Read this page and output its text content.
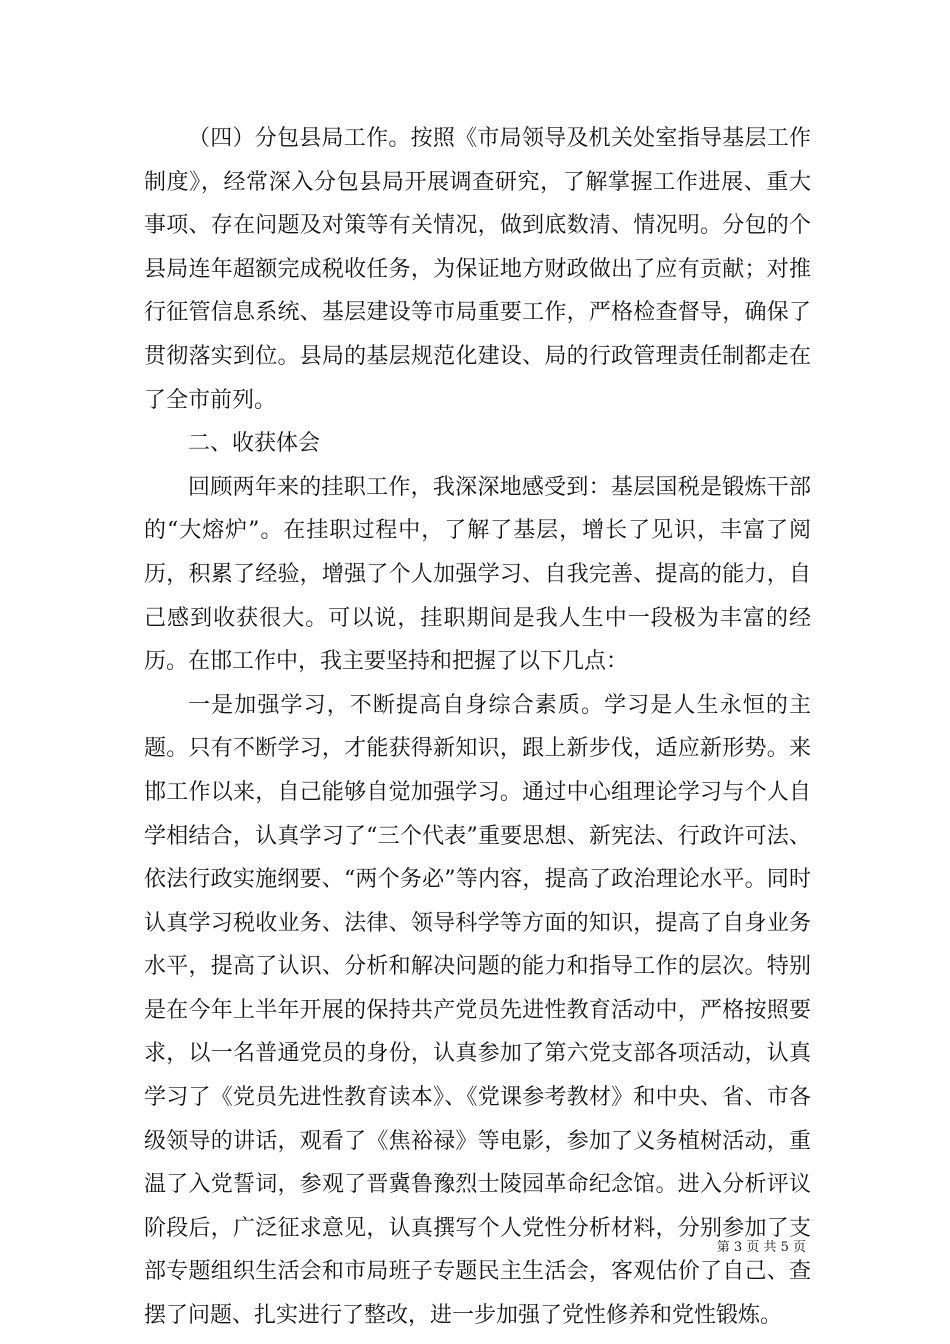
（四）分包县局工作。按照《市局领导及机关处室指导基层工作制度》，经常深入分包县局开展调查研究，了解掌握工作进展、重大事项、存在问题及对策等有关情况，做到底数清、情况明。分包的个县局连年超额完成税收任务，为保证地方财政做出了应有贡献；对推行征管信息系统、基层建设等市局重要工作，严格检查督导，确保了贯彻落实到位。县局的基层规范化建设、局的行政管理责任制都走在了全市前列。

二、收获体会

回顾两年来的挂职工作，我深深地感受到：基层国税是锻炼干部的“大熔炉”。在挂职过程中，了解了基层，增长了见识，丰富了阅历，积累了经验，增强了个人加强学习、自我完善、提高的能力，自己感到收获很大。可以说，挂职期间是我人生中一段极为丰富的经历。在邯工作中，我主要坚持和把握了以下几点：

一是加强学习，不断提高自身综合素质。学习是人生永恒的主题。只有不断学习，才能获得新知识，跟上新步伐，适应新形势。来邯工作以来，自己能够自觉加强学习。通过中心组理论学习与个人自学相结合，认真学习了“三个代表”重要思想、新宪法、行政许可法、依法行政实施纲要、“两个务必”等内容，提高了政治理论水平。同时认真学习税收业务、法律、领导科学等方面的知识，提高了自身业务水平，提高了认识、分析和解决问题的能力和指导工作的层次。特别是在今年上半年开展的保持共产党员先进性教育活动中，严格按照要求，以一名普通党员的身份，认真参加了第六党支部各项活动，认真学习了《党员先进性教育读本》、《党课参考教材》和中央、省、市各级领导的讲话，观看了《焦裕禄》等电影，参加了义务植树活动，重温了入党誓词，参观了晋冀鲁豫烈士陵园革命纪念馆。进入分析评议阶段后，广泛征求意见，认真撰写个人党性分析材料，分别参加了支部专题组织生活会和市局班子专题民主生活会，客观估价了自己、查摆了问题、扎实进行了整改，进一步加强了党性修养和党性锻炼。

第 3 页 共 5 页
